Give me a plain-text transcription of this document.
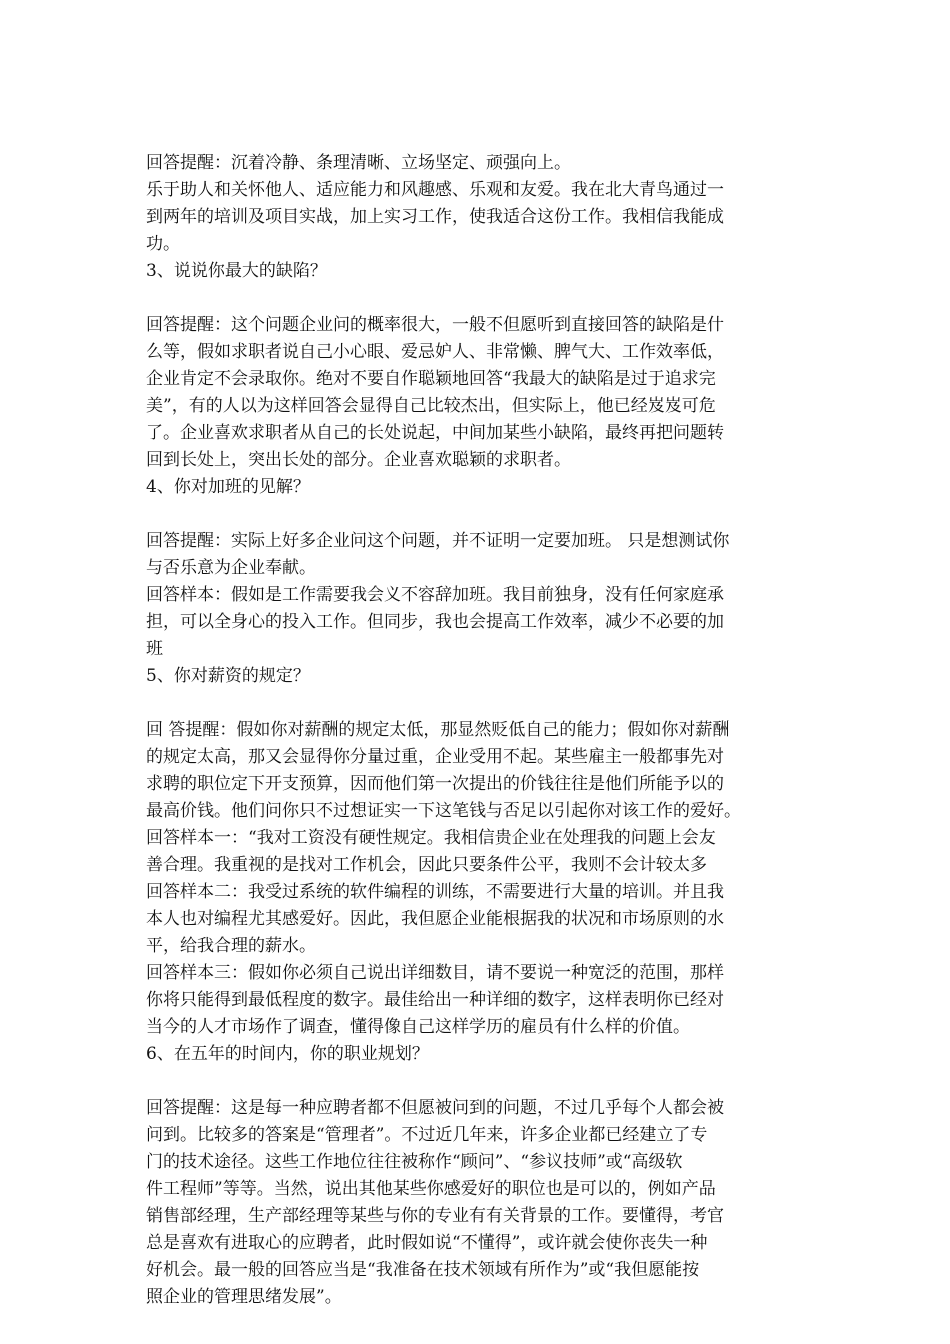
回答提醒：沉着冷静、条理清晰、立场坚定、顽强向上。
乐于助人和关怀他人、适应能力和风趣感、乐观和友爱。我在北大青鸟通过一
到两年的培训及项目实战，加上实习工作，使我适合这份工作。我相信我能成
功。
3、说说你最大的缺陷？
回答提醒：这个问题企业问的概率很大，一般不但愿听到直接回答的缺陷是什
么等，假如求职者说自己小心眼、爱忌妒人、非常懒、脾气大、工作效率低，
企业肯定不会录取你。绝对不要自作聪颖地回答“我最大的缺陷是过于追求完
美”，有的人以为这样回答会显得自己比较杰出，但实际上，他已经岌岌可危
了。企业喜欢求职者从自己的长处说起，中间加某些小缺陷，最终再把问题转
回到长处上，突出长处的部分。企业喜欢聪颖的求职者。
4、你对加班的见解？
回答提醒：实际上好多企业问这个问题，并不证明一定要加班。 只是想测试你
与否乐意为企业奉献。
回答样本：假如是工作需要我会义不容辞加班。我目前独身，没有任何家庭承
担，可以全身心的投入工作。但同步，我也会提高工作效率，减少不必要的加
班
5、你对薪资的规定？
回 答提醒：假如你对薪酬的规定太低，那显然贬低自己的能力；假如你对薪酬
的规定太高，那又会显得你分量过重，企业受用不起。某些雇主一般都事先对
求聘的职位定下开支预算，因而他们第一次提出的价钱往往是他们所能予以的
最高价钱。他们问你只不过想证实一下这笔钱与否足以引起你对该工作的爱好。
回答样本一：“我对工资没有硬性规定。我相信贵企业在处理我的问题上会友
善合理。我重视的是找对工作机会，因此只要条件公平，我则不会计较太多
回答样本二：我受过系统的软件编程的训练，不需要进行大量的培训。并且我
本人也对编程尤其感爱好。因此，我但愿企业能根据我的状况和市场原则的水
平，给我合理的薪水。
回答样本三：假如你必须自己说出详细数目，请不要说一种宽泛的范围，那样
你将只能得到最低程度的数字。最佳给出一种详细的数字，这样表明你已经对
当今的人才市场作了调查，懂得像自己这样学历的雇员有什么样的价值。
6、在五年的时间内，你的职业规划？
回答提醒：这是每一种应聘者都不但愿被问到的问题，不过几乎每个人都会被
问到。比较多的答案是“管理者”。不过近几年来，许多企业都已经建立了专
门的技术途径。这些工作地位往往被称作“顾问”、“参议技师”或“高级软
件工程师”等等。当然，说出其他某些你感爱好的职位也是可以的，例如产品
销售部经理，生产部经理等某些与你的专业有有关背景的工作。要懂得，考官
总是喜欢有进取心的应聘者，此时假如说“不懂得”，或许就会使你丧失一种
好机会。最一般的回答应当是“我准备在技术领域有所作为”或“我但愿能按
照企业的管理思绪发展”。
